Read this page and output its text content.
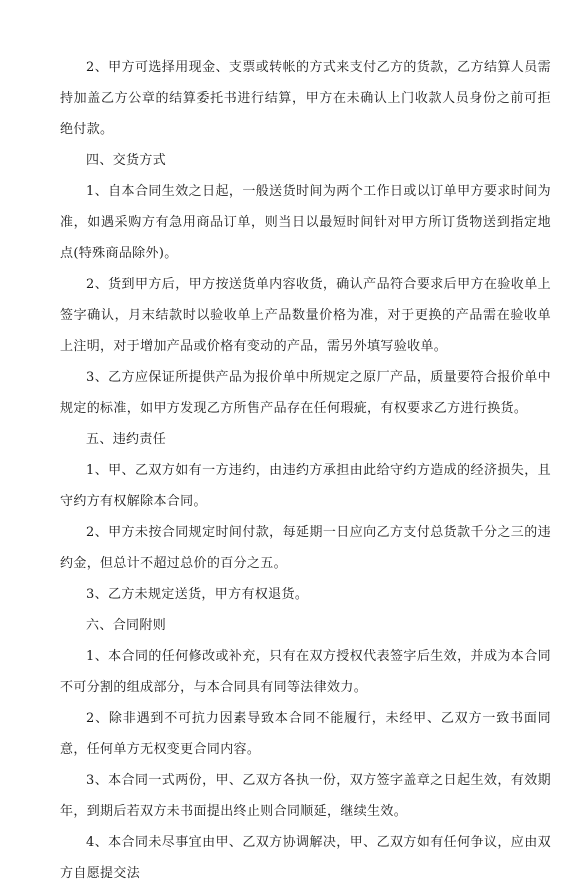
2、甲方可选择用现金、支票或转帐的方式来支付乙方的货款，乙方结算人员需持加盖乙方公章的结算委托书进行结算，甲方在未确认上门收款人员身份之前可拒绝付款。

四、交货方式

1、自本合同生效之日起，一般送货时间为两个工作日或以订单甲方要求时间为准，如遇采购方有急用商品订单，则当日以最短时间针对甲方所订货物送到指定地点(特殊商品除外)。

2、货到甲方后，甲方按送货单内容收货，确认产品符合要求后甲方在验收单上签字确认，月末结款时以验收单上产品数量价格为准，对于更换的产品需在验收单上注明，对于增加产品或价格有变动的产品，需另外填写验收单。

3、乙方应保证所提供产品为报价单中所规定之原厂产品，质量要符合报价单中规定的标准，如甲方发现乙方所售产品存在任何瑕疵，有权要求乙方进行换货。

五、违约责任

1、甲、乙双方如有一方违约，由违约方承担由此给守约方造成的经济损失，且守约方有权解除本合同。

2、甲方未按合同规定时间付款，每延期一日应向乙方支付总货款千分之三的违约金，但总计不超过总价的百分之五。

3、乙方未规定送货，甲方有权退货。

六、合同附则

1、本合同的任何修改或补充，只有在双方授权代表签字后生效，并成为本合同不可分割的组成部分，与本合同具有同等法律效力。

2、除非遇到不可抗力因素导致本合同不能履行，未经甲、乙双方一致书面同意，任何单方无权变更合同内容。

3、本合同一式两份，甲、乙双方各执一份，双方签字盖章之日起生效，有效期年，到期后若双方未书面提出终止则合同顺延，继续生效。

4、本合同未尽事宜由甲、乙双方协调解决，甲、乙双方如有任何争议，应由双方自愿提交法
